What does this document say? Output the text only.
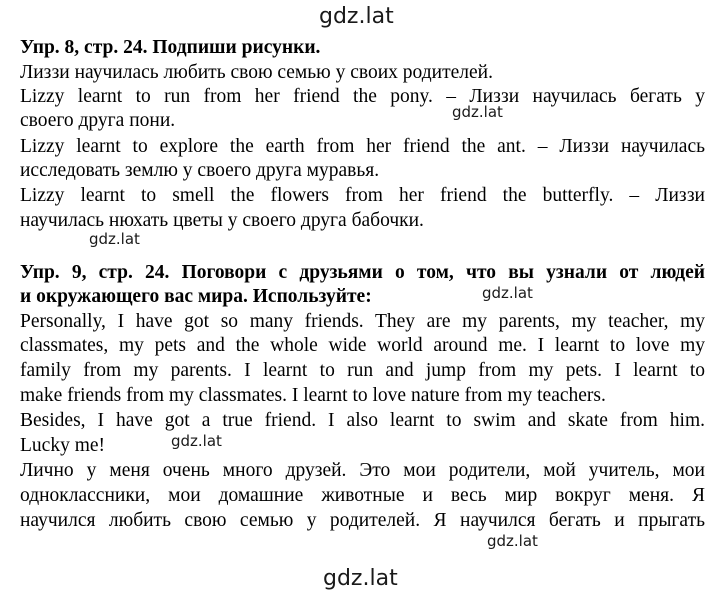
Упр. 8, стр. 24. Подпиши рисунки.
Лиззи научилась любить свою семью у своих родителей.
Lizzy learnt to run from her friend the pony. – Лиззи научилась бегать у
своего друга пони.
Lizzy learnt to explore the earth from her friend the ant. – Лиззи научилась
исследовать землю у своего друга муравья.
Lizzy learnt to smell the flowers from her friend the butterfly. – Лиззи
научилась нюхать цветы у своего друга бабочки.
Упр. 9, стр. 24. Поговори с друзьями о том, что вы узнали от людей
и окружающего вас мира. Используйте:
Personally, I have got so many friends. They are my parents, my teacher, my
classmates, my pets and the whole wide world around me. I learnt to love my
family from my parents. I learnt to run and jump from my pets. I learnt to
make friends from my classmates. I learnt to love nature from my teachers.
Besides, I have got a true friend. I also learnt to swim and skate from him.
Lucky me!
Лично у меня очень много друзей. Это мои родители, мой учитель, мои
одноклассники, мои домашние животные и весь мир вокруг меня. Я
научился любить свою семью у родителей. Я научился бегать и прыгать
gdz.lat
gdz.lat
gdz.lat
gdz.lat
gdz.lat
gdz.lat
gdz.lat
